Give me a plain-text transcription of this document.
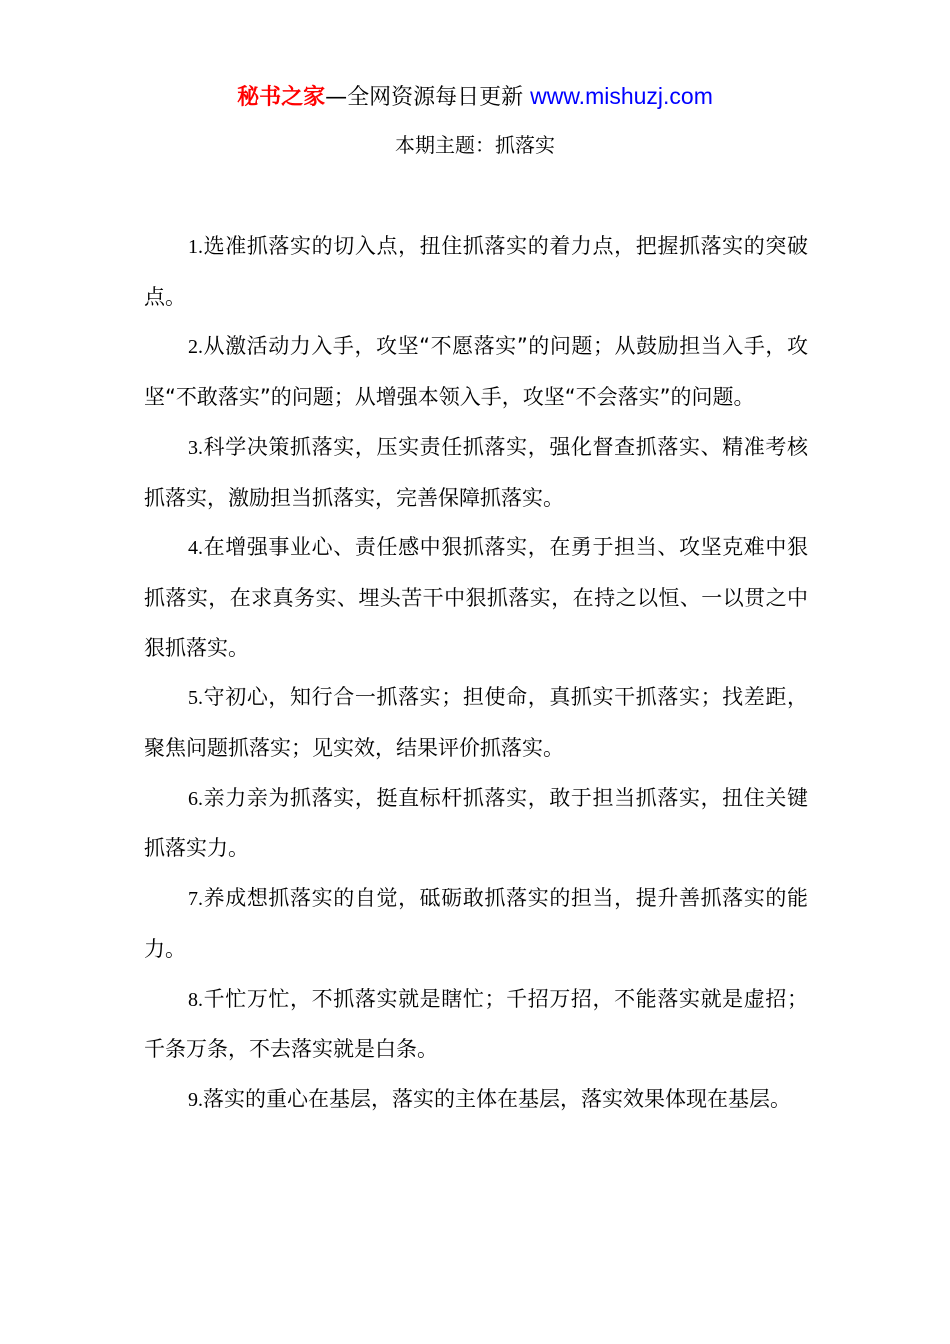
秘书之家—全网资源每日更新 www.mishuzj.com
本期主题：抓落实

1.选准抓落实的切入点，扭住抓落实的着力点，把握抓落实的突破点。

2.从激活动力入手，攻坚“不愿落实”的问题；从鼓励担当入手，攻坚“不敢落实”的问题；从增强本领入手，攻坚“不会落实”的问题。

3.科学决策抓落实，压实责任抓落实，强化督查抓落实、精准考核抓落实，激励担当抓落实，完善保障抓落实。

4.在增强事业心、责任感中狠抓落实，在勇于担当、攻坚克难中狠抓落实，在求真务实、埋头苦干中狠抓落实，在持之以恒、一以贯之中狠抓落实。

5.守初心，知行合一抓落实；担使命，真抓实干抓落实；找差距，聚焦问题抓落实；见实效，结果评价抓落实。

6.亲力亲为抓落实，挺直标杆抓落实，敢于担当抓落实，扭住关键抓落实力。

7.养成想抓落实的自觉，砥砺敢抓落实的担当，提升善抓落实的能力。

8.千忙万忙，不抓落实就是瞎忙；千招万招，不能落实就是虚招；千条万条，不去落实就是白条。

9.落实的重心在基层，落实的主体在基层，落实效果体现在基层。
